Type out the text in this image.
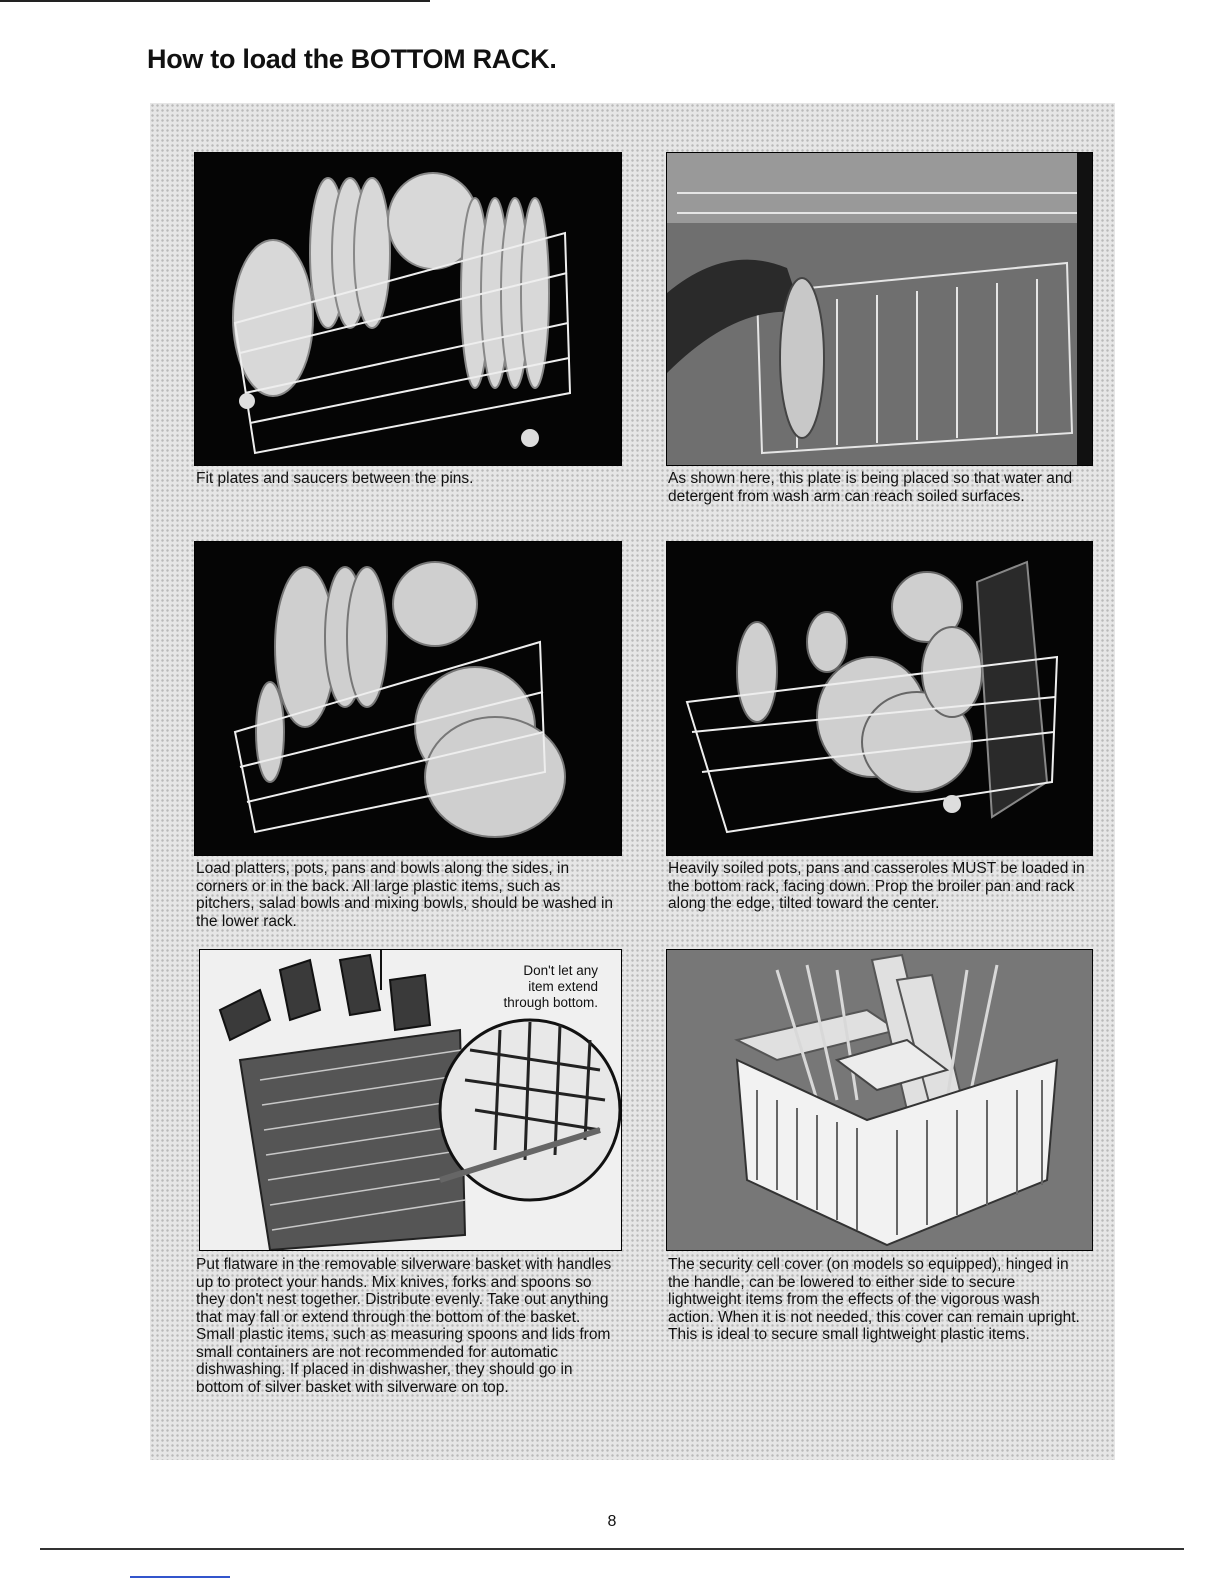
How to load the BOTTOM RACK.

Fit plates and saucers between the pins.	As shown here, this plate is being placed so that water and detergent from wash arm can reach soiled surfaces.

Load platters, pots, pans and bowls along the sides, in corners or in the back. All large plastic items, such as pitchers, salad bowls and mixing bowls, should be washed in the lower rack.

Heavily soiled pots, pans and casseroles MUST be loaded in the bottom rack, facing down. Prop the broiler pan and rack along the edge, tilted toward the center.

Don't let any
item extend
through bottom.

Put flatware in the removable silverware basket with handles up to protect your hands. Mix knives, forks and spoons so they don't nest together. Distribute evenly. Take out anything that may fall or extend through the bottom of the basket. Small plastic items, such as measuring spoons and lids from small containers are not recommended for automatic dishwashing. If placed in dishwasher, they should go in bottom of silver basket with silverware on top.

The security cell cover (on models so equipped), hinged in the handle, can be lowered to either side to secure lightweight items from the effects of the vigorous wash action. When it is not needed, this cover can remain upright. This is ideal to secure small lightweight plastic items.

8
